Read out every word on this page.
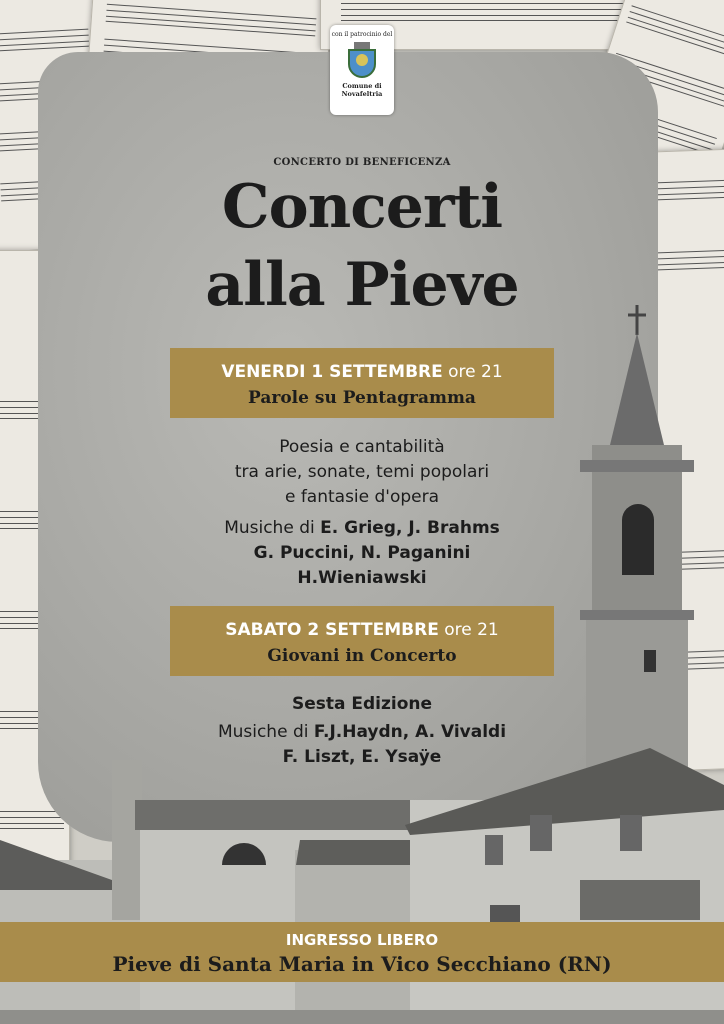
con il patrocinio del
Comune di Novafeltria
CONCERTO DI BENEFICENZA
Concerti
alla Pieve
VENERDI 1 SETTEMBRE ore 21
Parole su Pentagramma
Poesia e cantabilità
tra arie, sonate, temi popolari
e fantasie d'opera
Musiche di E. Grieg, J. Brahms
G. Puccini, N. Paganini
H.Wieniawski
SABATO 2 SETTEMBRE ore 21
Giovani in Concerto
Sesta Edizione
Musiche di F.J.Haydn, A. Vivaldi
F. Liszt, E. Ysaÿe
INGRESSO LIBERO
Pieve di Santa Maria in Vico Secchiano (RN)
